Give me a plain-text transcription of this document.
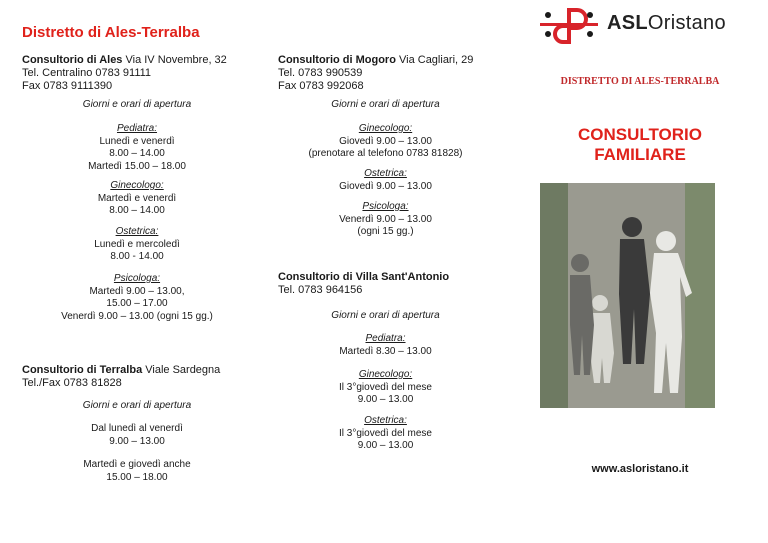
Distretto di Ales-Terralba
Consultorio di Ales Via IV Novembre, 32
Tel. Centralino 0783 91111
Fax 0783 9111390
Giorni e orari di apertura
Pediatra:
Lunedì e venerdì
8.00 – 14.00
Martedì 15.00 – 18.00
Ginecologo:
Martedì e venerdì
8.00 – 14.00
Ostetrica:
Lunedì e mercoledì
8.00 - 14.00
Psicologa:
Martedì 9.00 – 13.00,
15.00 – 17.00
Venerdì 9.00 – 13.00 (ogni 15 gg.)
Consultorio di Terralba Viale Sardegna
Tel./Fax 0783 81828
Giorni e orari di apertura
Dal lunedì al venerdì
9.00 – 13.00
Martedì e giovedì anche
15.00 – 18.00
Consultorio di Mogoro Via Cagliari, 29
Tel. 0783 990539
Fax 0783 992068
Giorni e orari di apertura
Ginecologo:
Giovedì 9.00 – 13.00
(prenotare al telefono 0783 81828)
Ostetrica:
Giovedì 9.00 – 13.00
Psicologa:
Venerdì 9.00 – 13.00
(ogni 15 gg.)
Consultorio di Villa Sant'Antonio
Tel. 0783 964156
Giorni e orari di apertura
Pediatra:
Martedì 8.30 – 13.00
Ginecologo:
Il 3°giovedì del mese
9.00 – 13.00
Ostetrica:
Il 3°giovedì del mese
9.00 – 13.00
ASLOristano
DISTRETTO DI ALES-TERRALBA
CONSULTORIO
FAMILIARE
www.asloristano.it
